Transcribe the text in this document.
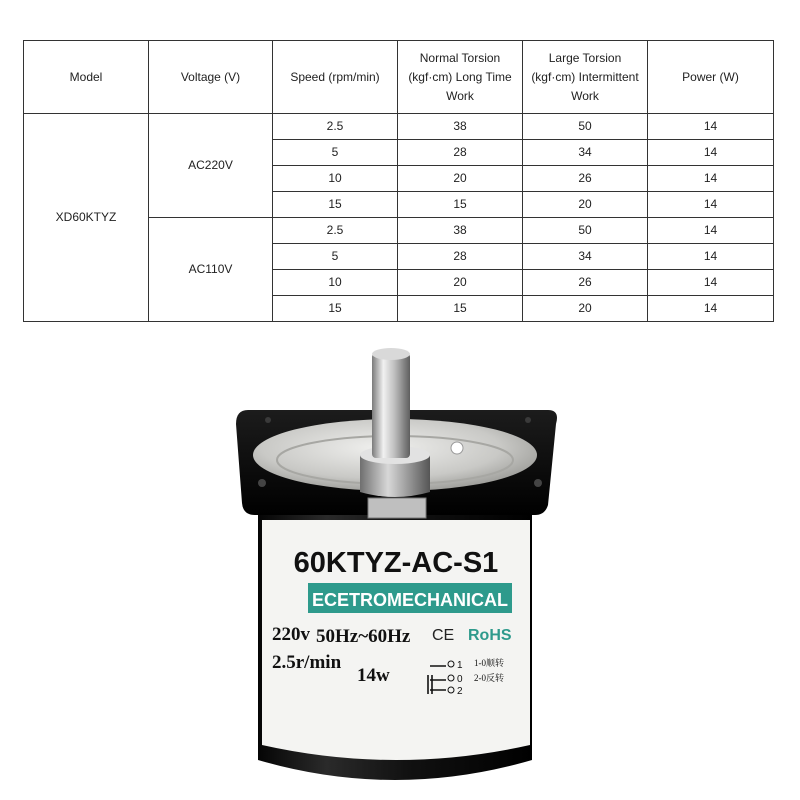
Model	Voltage (V)	Speed (rpm/min)	Normal Torsion (kgf·cm) Long Time Work	Large Torsion (kgf·cm) Intermittent Work	Power (W)
XD60KTYZ	AC220V	2.5	38	50	14
		5	28	34	14
		10	20	26	14
		15	15	20	14
	AC110V	2.5	38	50	14
		5	28	34	14
		10	20	26	14
		15	15	20	14
60KTYZ-AC-S1
ECETROMECHANICAL
220v 50Hz~60Hz CE RoHS
2.5r/min
14w	1
0
2
1-0顺转
2-0反转
